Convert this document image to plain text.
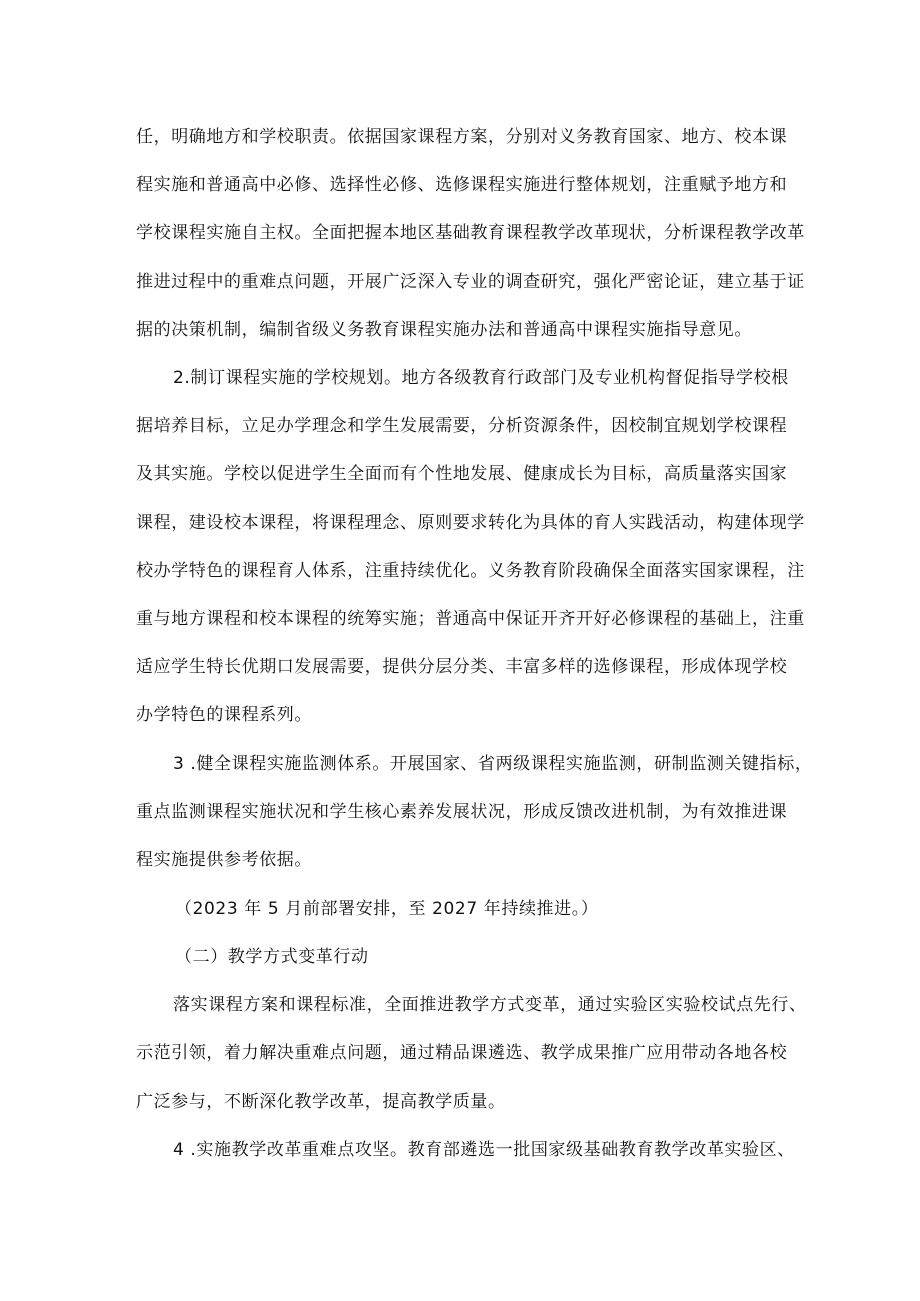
任，明确地方和学校职责。依据国家课程方案，分别对义务教育国家、地方、校本课
程实施和普通高中必修、选择性必修、选修课程实施进行整体规划，注重赋予地方和
学校课程实施自主权。全面把握本地区基础教育课程教学改革现状，分析课程教学改革
推进过程中的重难点问题，开展广泛深入专业的调查研究，强化严密论证，建立基于证
据的决策机制，编制省级义务教育课程实施办法和普通高中课程实施指导意见。
2.制订课程实施的学校规划。地方各级教育行政部门及专业机构督促指导学校根
据培养目标，立足办学理念和学生发展需要，分析资源条件，因校制宜规划学校课程
及其实施。学校以促进学生全面而有个性地发展、健康成长为目标，高质量落实国家
课程，建设校本课程，将课程理念、原则要求转化为具体的育人实践活动，构建体现学
校办学特色的课程育人体系，注重持续优化。义务教育阶段确保全面落实国家课程，注
重与地方课程和校本课程的统筹实施；普通高中保证开齐开好必修课程的基础上，注重
适应学生特长优期口发展需要，提供分层分类、丰富多样的选修课程，形成体现学校
办学特色的课程系列。
3 .健全课程实施监测体系。开展国家、省两级课程实施监测，研制监测关键指标，
重点监测课程实施状况和学生核心素养发展状况，形成反馈改进机制，为有效推进课
程实施提供参考依据。
（2023 年 5 月前部署安排，至 2027 年持续推进。）
（二）教学方式变革行动
落实课程方案和课程标准，全面推进教学方式变革，通过实验区实验校试点先行、
示范引领，着力解决重难点问题，通过精品课遴选、教学成果推广应用带动各地各校
广泛参与，不断深化教学改革，提高教学质量。
4 .实施教学改革重难点攻坚。教育部遴选一批国家级基础教育教学改革实验区、
